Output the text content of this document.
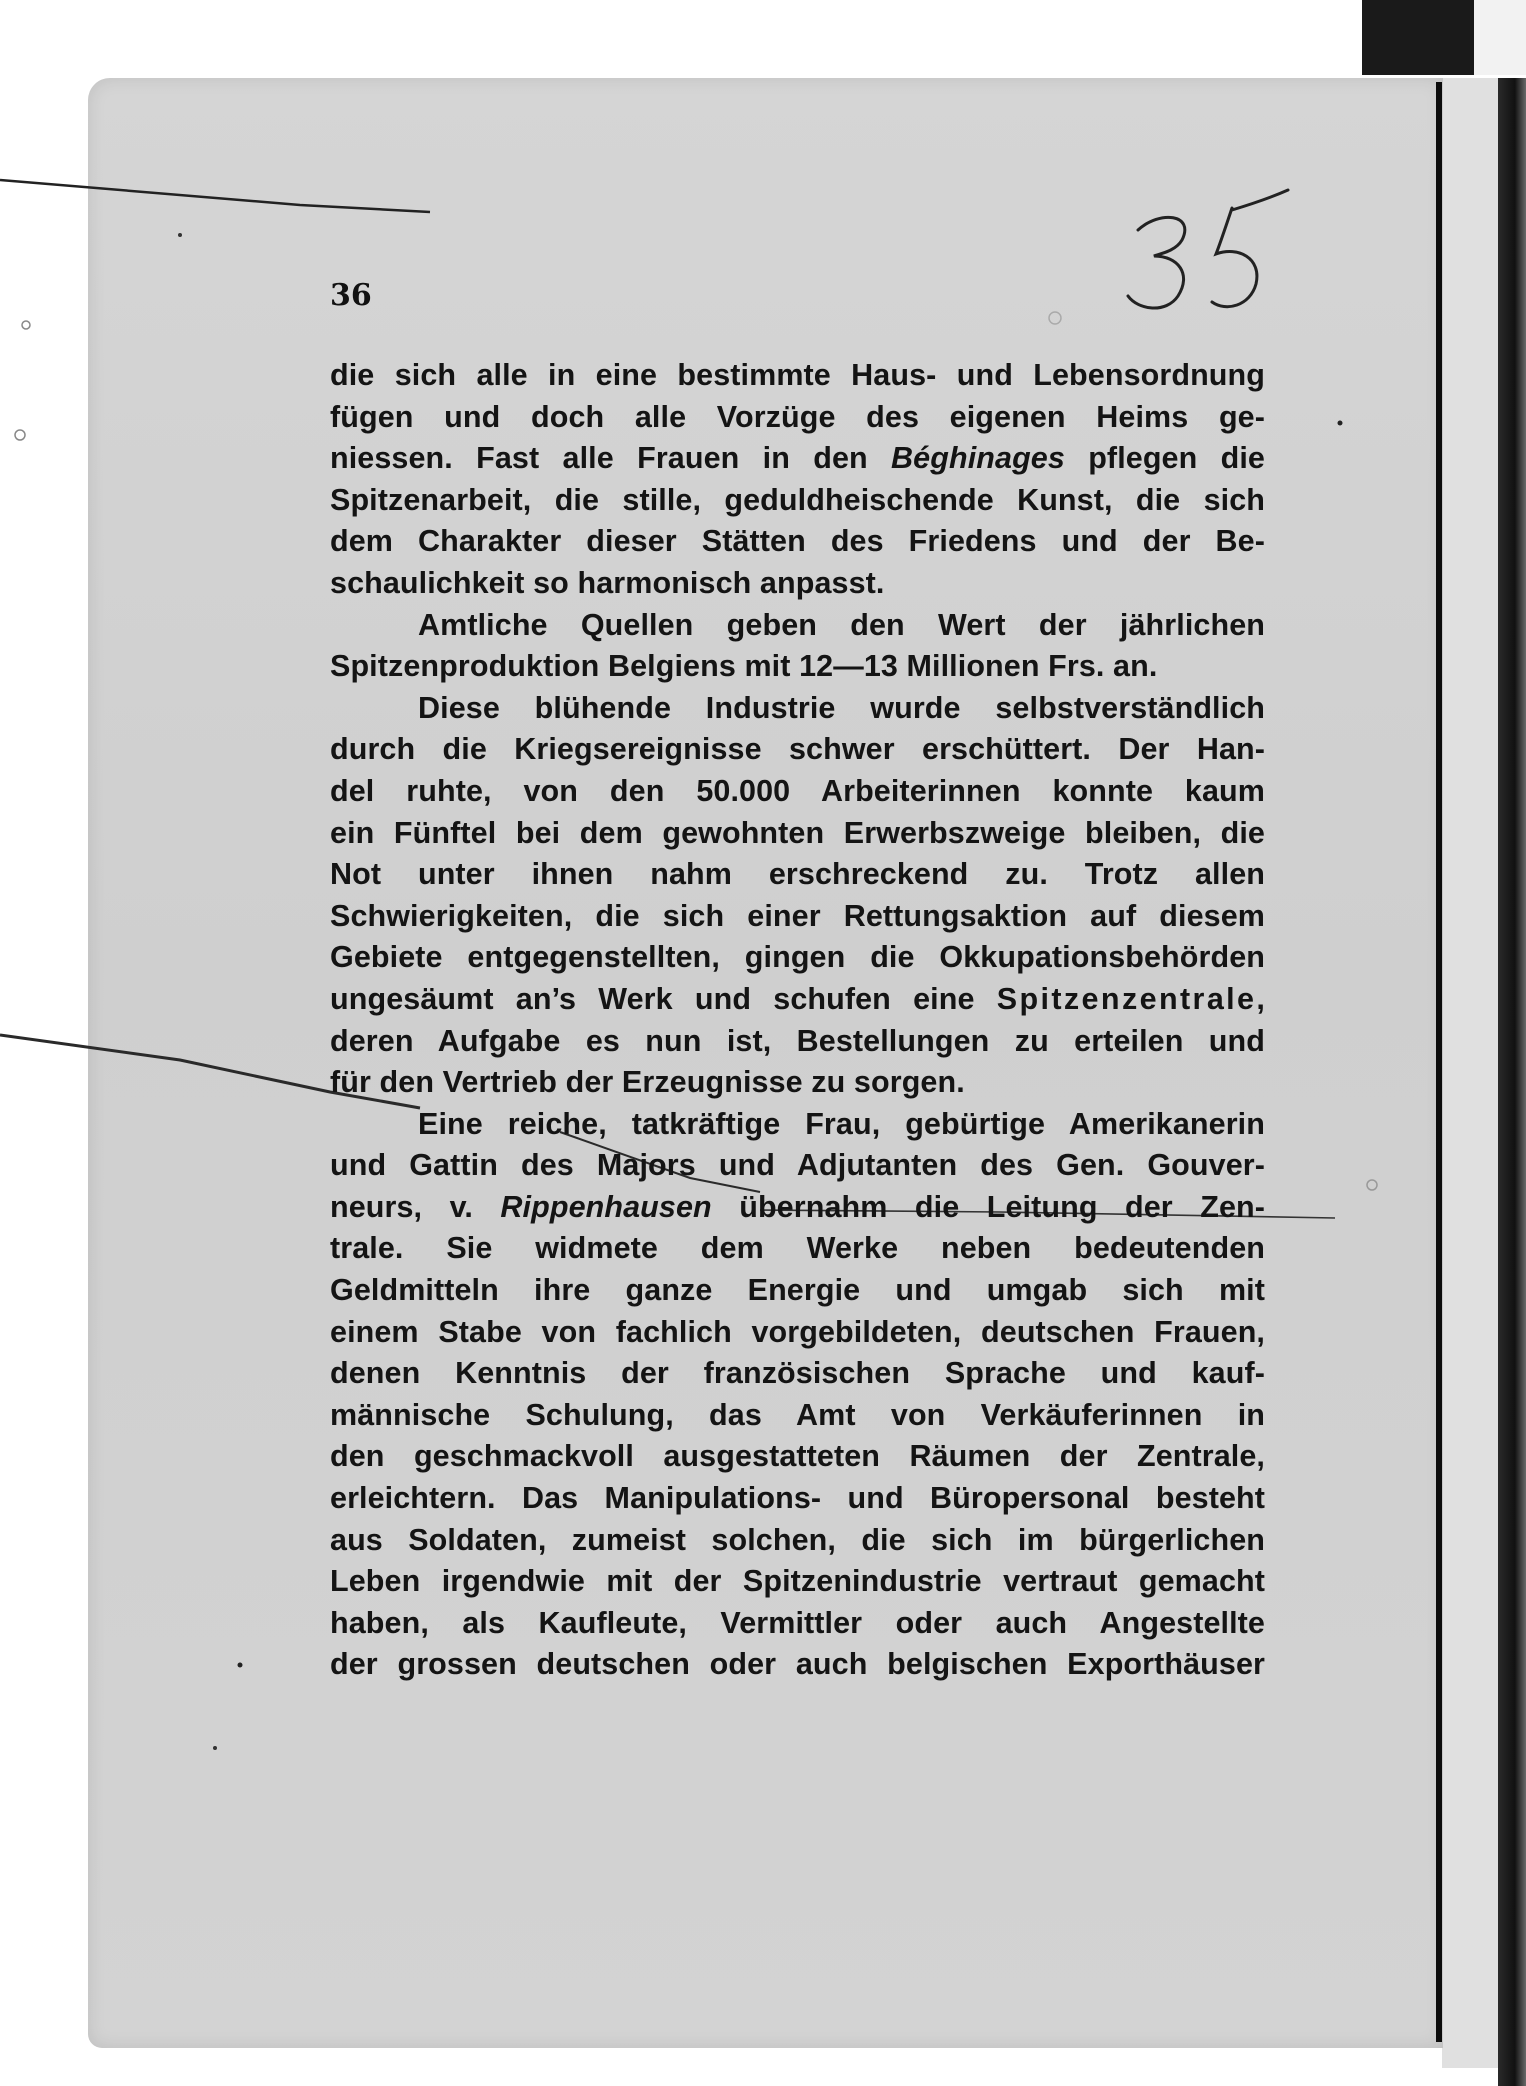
36

die sich alle in eine bestimmte Haus- und Lebensordnung
fügen und doch alle Vorzüge des eigenen Heims ge-
niessen. Fast alle Frauen in den Béghinages pflegen die
Spitzenarbeit, die stille, geduldheischende Kunst, die sich
dem Charakter dieser Stätten des Friedens und der Be-
schaulichkeit so harmonisch anpasst.
Amtliche Quellen geben den Wert der jährlichen
Spitzenproduktion Belgiens mit 12—13 Millionen Frs. an.
Diese blühende Industrie wurde selbstverständlich
durch die Kriegsereignisse schwer erschüttert. Der Han-
del ruhte, von den 50.000 Arbeiterinnen konnte kaum
ein Fünftel bei dem gewohnten Erwerbszweige bleiben, die
Not unter ihnen nahm erschreckend zu. Trotz allen
Schwierigkeiten, die sich einer Rettungsaktion auf diesem
Gebiete entgegenstellten, gingen die Okkupationsbehörden
ungesäumt an’s Werk und schufen eine Spitzenzentrale,
deren Aufgabe es nun ist, Bestellungen zu erteilen und
für den Vertrieb der Erzeugnisse zu sorgen.
Eine reiche, tatkräftige Frau, gebürtige Amerikanerin
und Gattin des Majors und Adjutanten des Gen. Gouver-
neurs, v. Rippenhausen übernahm die Leitung der Zen-
trale. Sie widmete dem Werke neben bedeutenden
Geldmitteln ihre ganze Energie und umgab sich mit
einem Stabe von fachlich vorgebildeten, deutschen Frauen,
denen Kenntnis der französischen Sprache und kauf-
männische Schulung, das Amt von Verkäuferinnen in
den geschmackvoll ausgestatteten Räumen der Zentrale,
erleichtern. Das Manipulations- und Büropersonal besteht
aus Soldaten, zumeist solchen, die sich im bürgerlichen
Leben irgendwie mit der Spitzenindustrie vertraut gemacht
haben, als Kaufleute, Vermittler oder auch Angestellte
der grossen deutschen oder auch belgischen Exporthäuser
